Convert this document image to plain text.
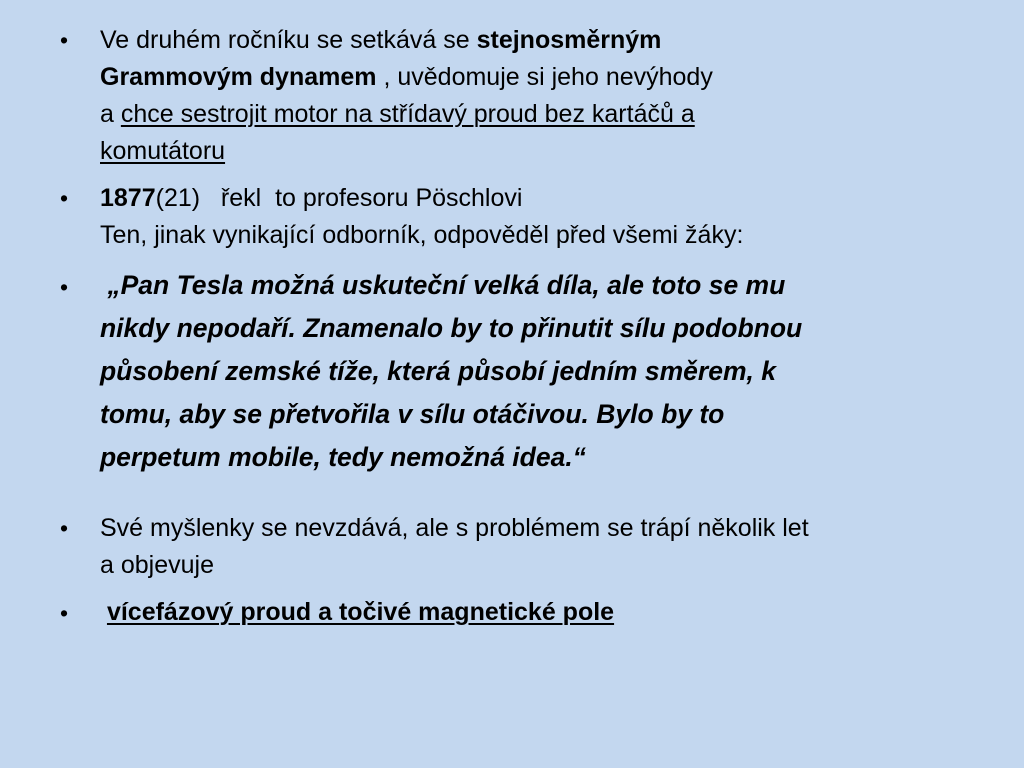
• Ve druhém ročníku se setkává se stejnosměrným
Grammovým dynamem , uvědomuje si jeho nevýhody
a chce sestrojit motor na střídavý proud bez kartáčů a
komutátoru
• 1877(21)   řekl  to profesoru Pöschlovi
Ten, jinak vynikající odborník, odpověděl před všemi žáky:
• „Pan Tesla možná uskuteční velká díla, ale toto se mu
nikdy nepodaří. Znamenalo by to přinutit sílu podobnou
působení zemské tíže, která působí jedním směrem, k
tomu, aby se přetvořila v sílu otáčivou. Bylo by to
perpetum mobile, tedy nemožná idea.“
• Své myšlenky se nevzdává, ale s problémem se trápí několik let
a objevuje
• vícefázový proud a točivé magnetické pole
